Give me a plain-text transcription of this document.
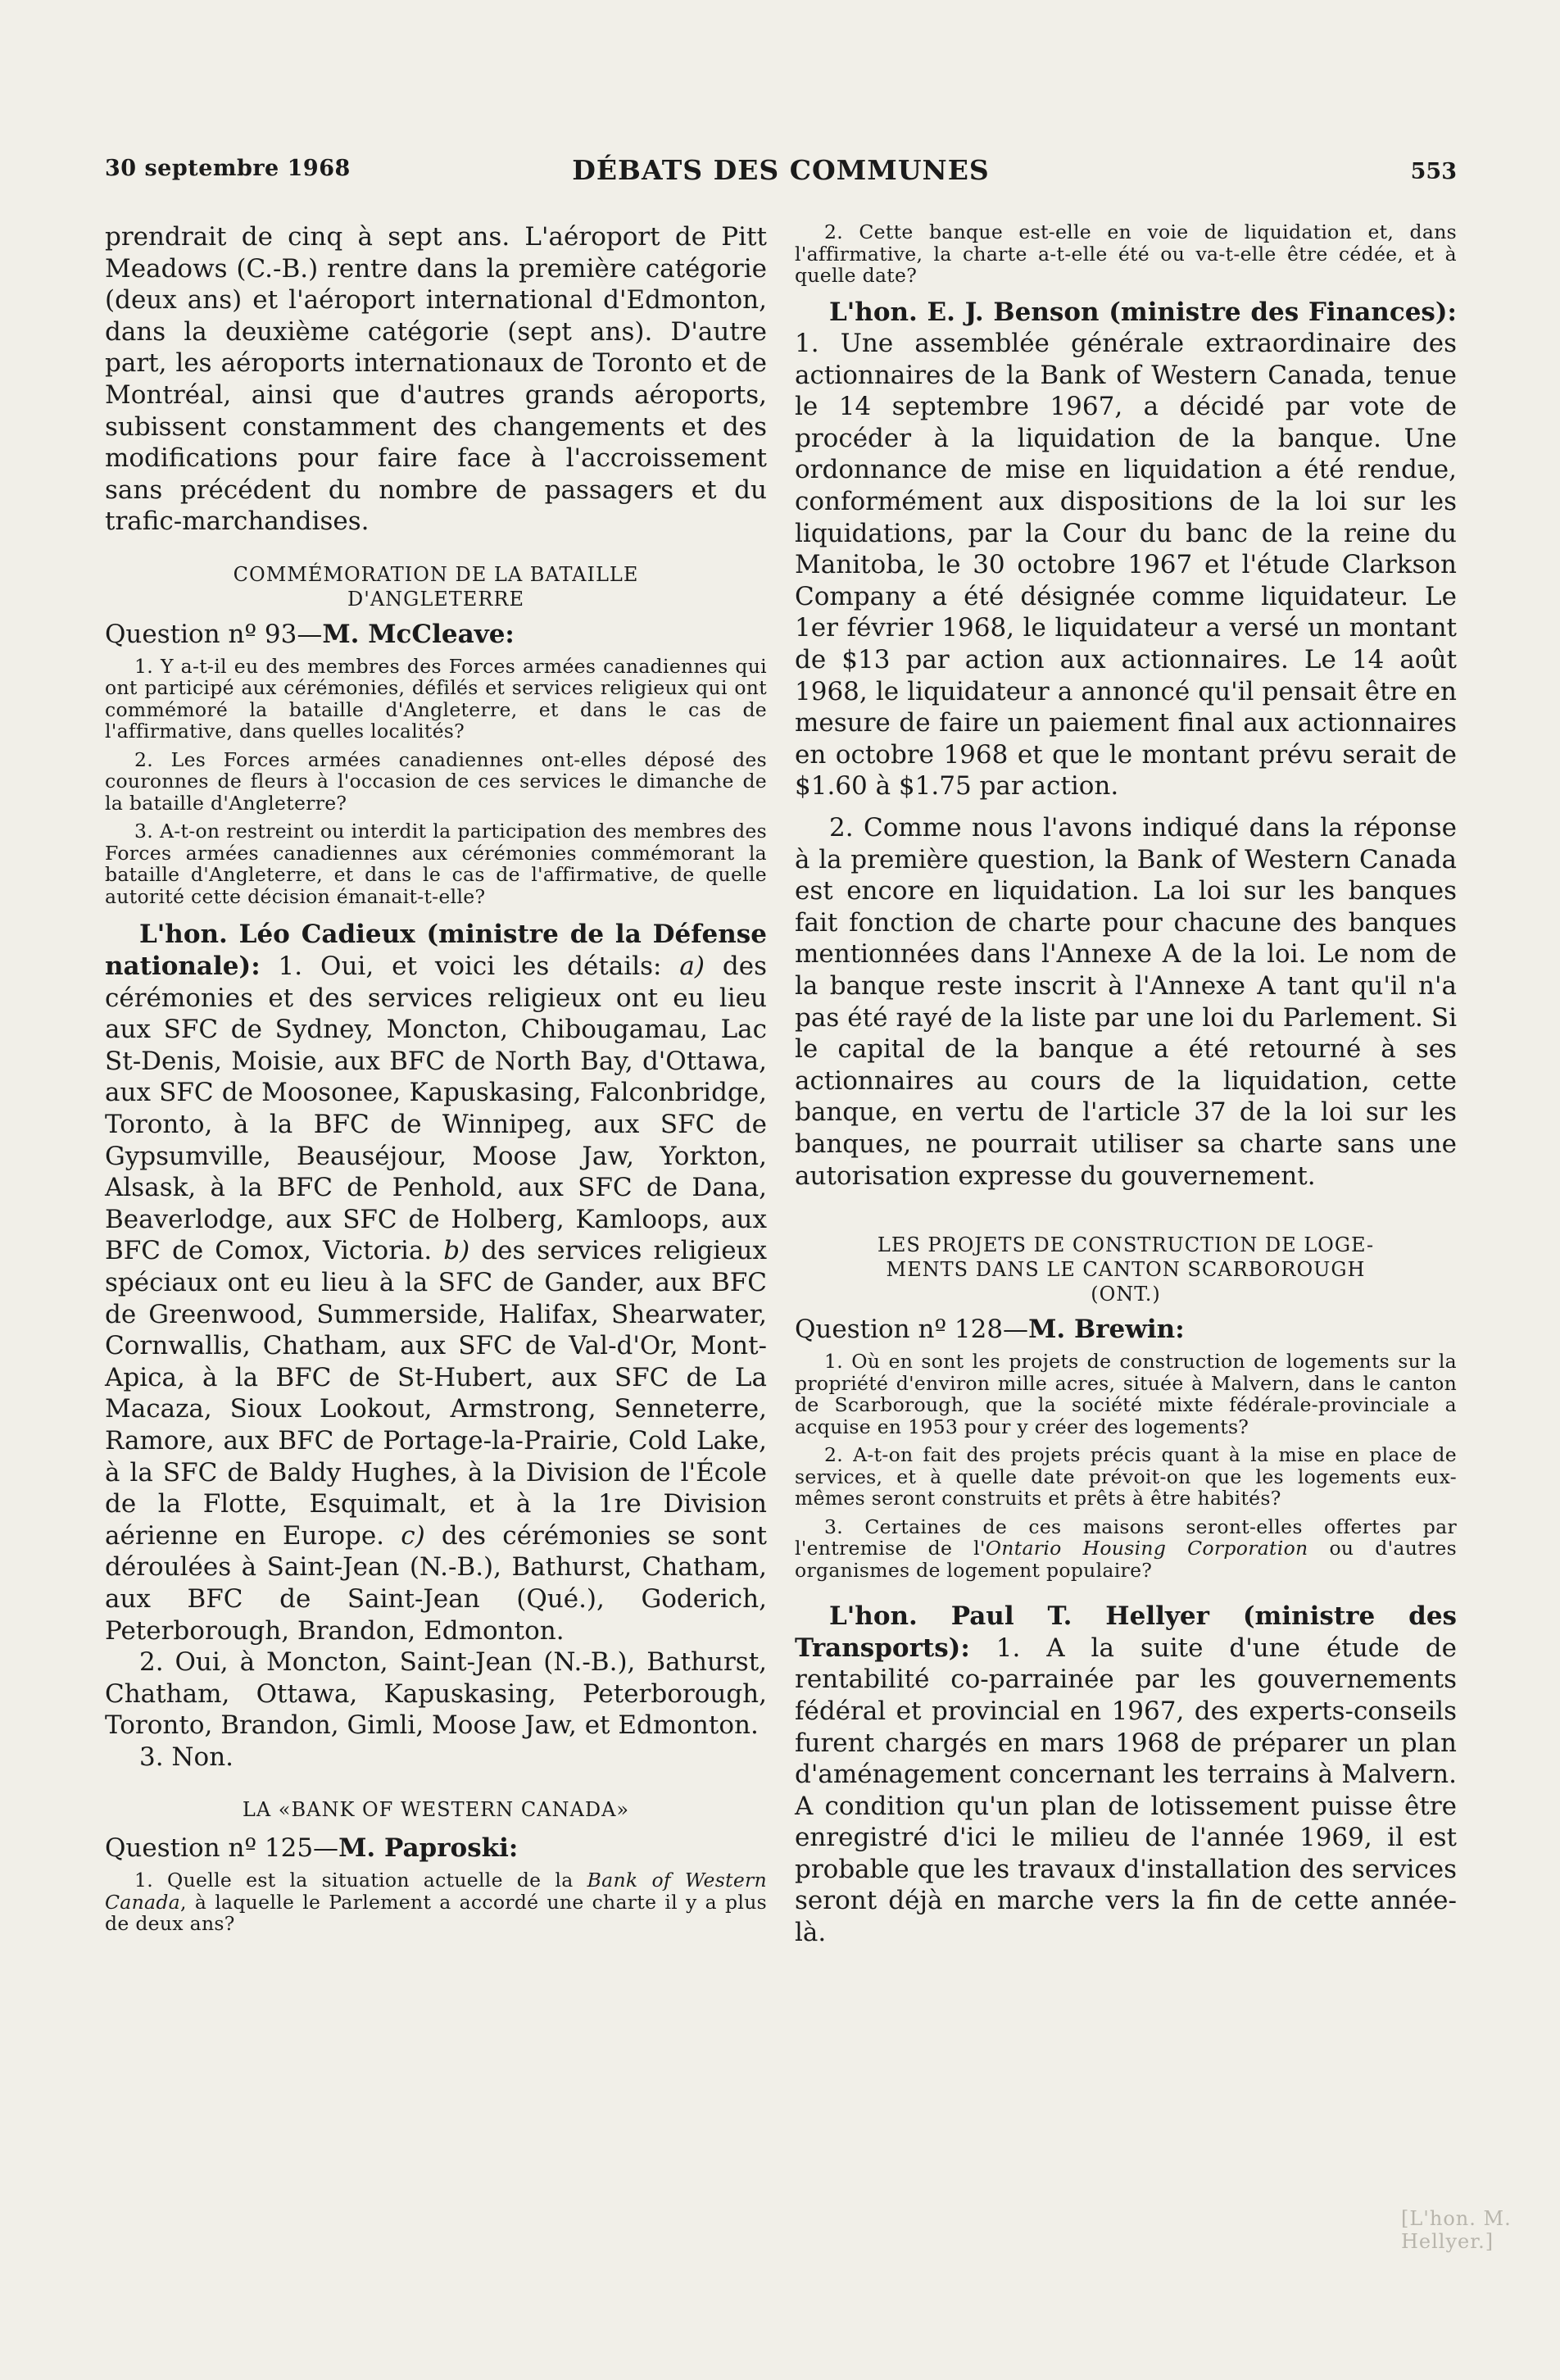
30 septembre 1968	DÉBATS DES COMMUNES	553

prendrait de cinq à sept ans. L'aéroport de Pitt Meadows (C.-B.) rentre dans la première catégorie (deux ans) et l'aéroport international d'Edmonton, dans la deuxième catégorie (sept ans). D'autre part, les aéroports internationaux de Toronto et de Montréal, ainsi que d'autres grands aéroports, subissent constamment des changements et des modifications pour faire face à l'accroissement sans précédent du nombre de passagers et du trafic-marchandises.

COMMÉMORATION DE LA BATAILLE
D'ANGLETERRE

Question nº 93—M. McCleave:

1. Y a-t-il eu des membres des Forces armées canadiennes qui ont participé aux cérémonies, défilés et services religieux qui ont commémoré la bataille d'Angleterre, et dans le cas de l'affirmative, dans quelles localités?

2. Les Forces armées canadiennes ont-elles déposé des couronnes de fleurs à l'occasion de ces services le dimanche de la bataille d'Angleterre?

3. A-t-on restreint ou interdit la participation des membres des Forces armées canadiennes aux cérémonies commémorant la bataille d'Angleterre, et dans le cas de l'affirmative, de quelle autorité cette décision émanait-t-elle?

L'hon. Léo Cadieux (ministre de la Défense nationale): 1. Oui, et voici les détails: a) des cérémonies et des services religieux ont eu lieu aux SFC de Sydney, Moncton, Chibougamau, Lac St-Denis, Moisie, aux BFC de North Bay, d'Ottawa, aux SFC de Moosonee, Kapuskasing, Falconbridge, Toronto, à la BFC de Winnipeg, aux SFC de Gypsumville, Beauséjour, Moose Jaw, Yorkton, Alsask, à la BFC de Penhold, aux SFC de Dana, Beaverlodge, aux SFC de Holberg, Kamloops, aux BFC de Comox, Victoria. b) des services religieux spéciaux ont eu lieu à la SFC de Gander, aux BFC de Greenwood, Summerside, Halifax, Shearwater, Cornwallis, Chatham, aux SFC de Val-d'Or, Mont-Apica, à la BFC de St-Hubert, aux SFC de La Macaza, Sioux Lookout, Armstrong, Senneterre, Ramore, aux BFC de Portage-la-Prairie, Cold Lake, à la SFC de Baldy Hughes, à la Division de l'École de la Flotte, Esquimalt, et à la 1re Division aérienne en Europe. c) des cérémonies se sont déroulées à Saint-Jean (N.-B.), Bathurst, Chatham, aux BFC de Saint-Jean (Qué.), Goderich, Peterborough, Brandon, Edmonton.

2. Oui, à Moncton, Saint-Jean (N.-B.), Bathurst, Chatham, Ottawa, Kapuskasing, Peterborough, Toronto, Brandon, Gimli, Moose Jaw, et Edmonton.

3. Non.

LA «BANK OF WESTERN CANADA»

Question nº 125—M. Paproski:

1. Quelle est la situation actuelle de la Bank of Western Canada, à laquelle le Parlement a accordé une charte il y a plus de deux ans?

2. Cette banque est-elle en voie de liquidation et, dans l'affirmative, la charte a-t-elle été ou va-t-elle être cédée, et à quelle date?

L'hon. E. J. Benson (ministre des Finances): 1. Une assemblée générale extraordinaire des actionnaires de la Bank of Western Canada, tenue le 14 septembre 1967, a décidé par vote de procéder à la liquidation de la banque. Une ordonnance de mise en liquidation a été rendue, conformément aux dispositions de la loi sur les liquidations, par la Cour du banc de la reine du Manitoba, le 30 octobre 1967 et l'étude Clarkson Company a été désignée comme liquidateur. Le 1er février 1968, le liquidateur a versé un montant de $13 par action aux actionnaires. Le 14 août 1968, le liquidateur a annoncé qu'il pensait être en mesure de faire un paiement final aux actionnaires en octobre 1968 et que le montant prévu serait de $1.60 à $1.75 par action.

2. Comme nous l'avons indiqué dans la réponse à la première question, la Bank of Western Canada est encore en liquidation. La loi sur les banques fait fonction de charte pour chacune des banques mentionnées dans l'Annexe A de la loi. Le nom de la banque reste inscrit à l'Annexe A tant qu'il n'a pas été rayé de la liste par une loi du Parlement. Si le capital de la banque a été retourné à ses actionnaires au cours de la liquidation, cette banque, en vertu de l'article 37 de la loi sur les banques, ne pourrait utiliser sa charte sans une autorisation expresse du gouvernement.

LES PROJETS DE CONSTRUCTION DE LOGE-
MENTS DANS LE CANTON SCARBOROUGH
(ONT.)

Question nº 128—M. Brewin:

1. Où en sont les projets de construction de logements sur la propriété d'environ mille acres, située à Malvern, dans le canton de Scarborough, que la société mixte fédérale-provinciale a acquise en 1953 pour y créer des logements?

2. A-t-on fait des projets précis quant à la mise en place de services, et à quelle date prévoit-on que les logements eux-mêmes seront construits et prêts à être habités?

3. Certaines de ces maisons seront-elles offertes par l'entremise de l'Ontario Housing Corporation ou d'autres organismes de logement populaire?

L'hon. Paul T. Hellyer (ministre des Transports): 1. A la suite d'une étude de rentabilité co-parrainée par les gouvernements fédéral et provincial en 1967, des experts-conseils furent chargés en mars 1968 de préparer un plan d'aménagement concernant les terrains à Malvern. A condition qu'un plan de lotissement puisse être enregistré d'ici le milieu de l'année 1969, il est probable que les travaux d'installation des services seront déjà en marche vers la fin de cette année-là.

[L'hon. M. Hellyer.]
